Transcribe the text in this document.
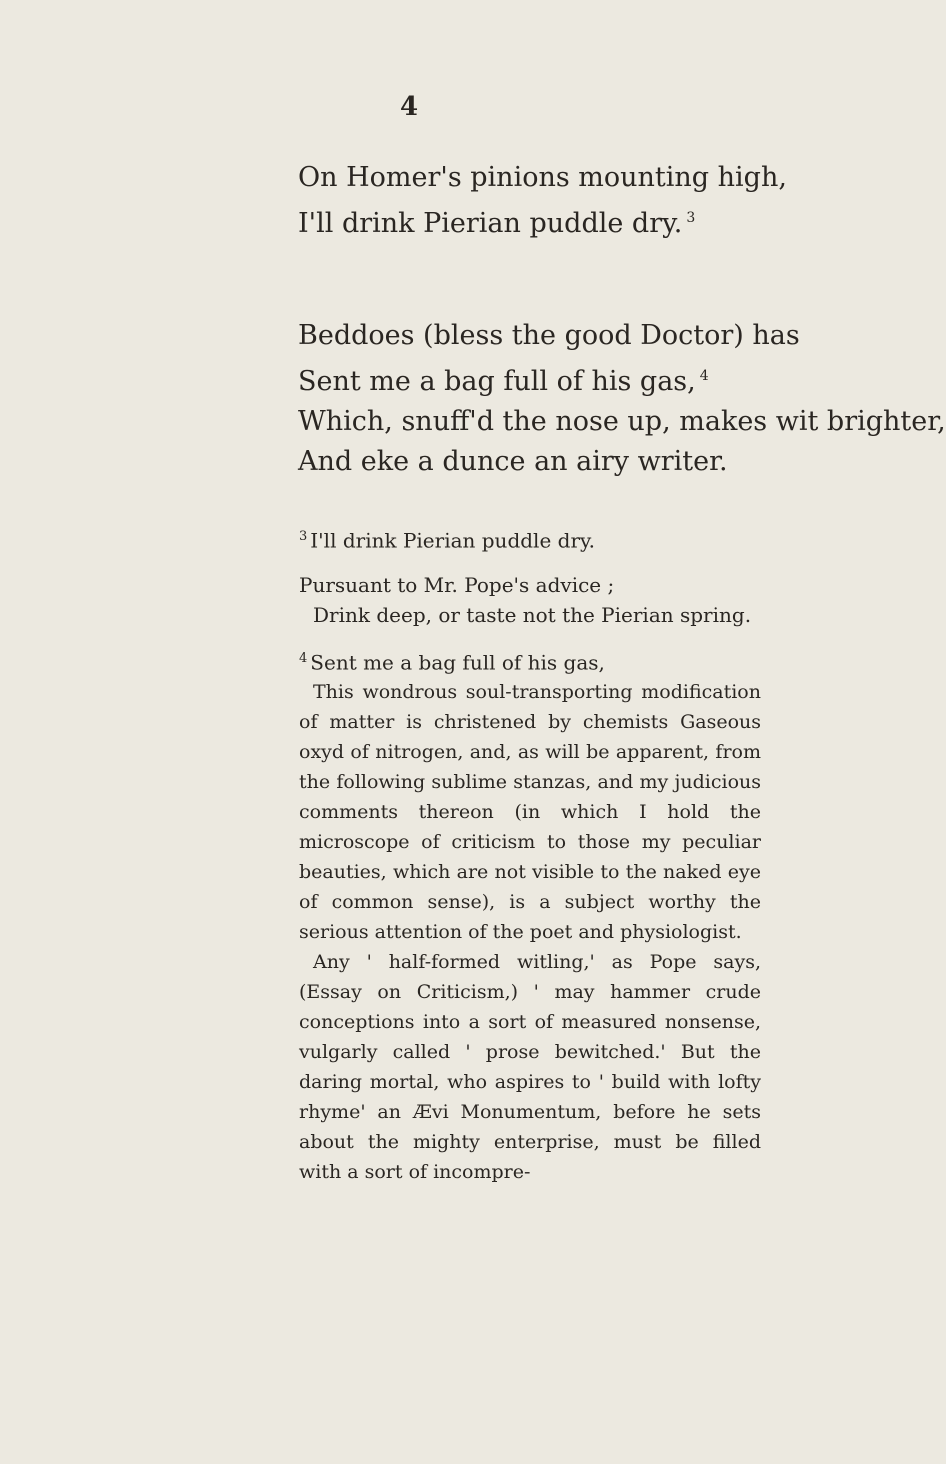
4
On Homer's pinions mounting high,
I'll drink Pierian puddle dry. $^3$
Beddoes (bless the good Doctor) has
Sent me a bag full of his gas, $^4$
Which, snuff'd the nose up, makes wit brighter,
And eke a dunce an airy writer.
$^3$ I'll drink Pierian puddle dry.
Pursuant to Mr. Pope's advice ;
Drink deep, or taste not the Pierian spring.
$^4$ Sent me a bag full of his gas,

This wondrous soul-transporting modification of matter is christened by chemists Gaseous oxyd of nitrogen, and, as will be apparent, from the following sublime stanzas, and my judicious comments thereon (in which I hold the microscope of criticism to those my peculiar beauties, which are not visible to the naked eye of common sense), is a subject worthy the serious attention of the poet and physiologist.

Any ' half-formed witling,' as Pope says, (Essay on Criticism,) ' may hammer crude conceptions into a sort of measured nonsense, vulgarly called ' prose bewitched.' But the daring mortal, who aspires to ' build with lofty rhyme' an Ævi Monumentum, before he sets about the mighty enterprise, must be filled with a sort of incompre-
